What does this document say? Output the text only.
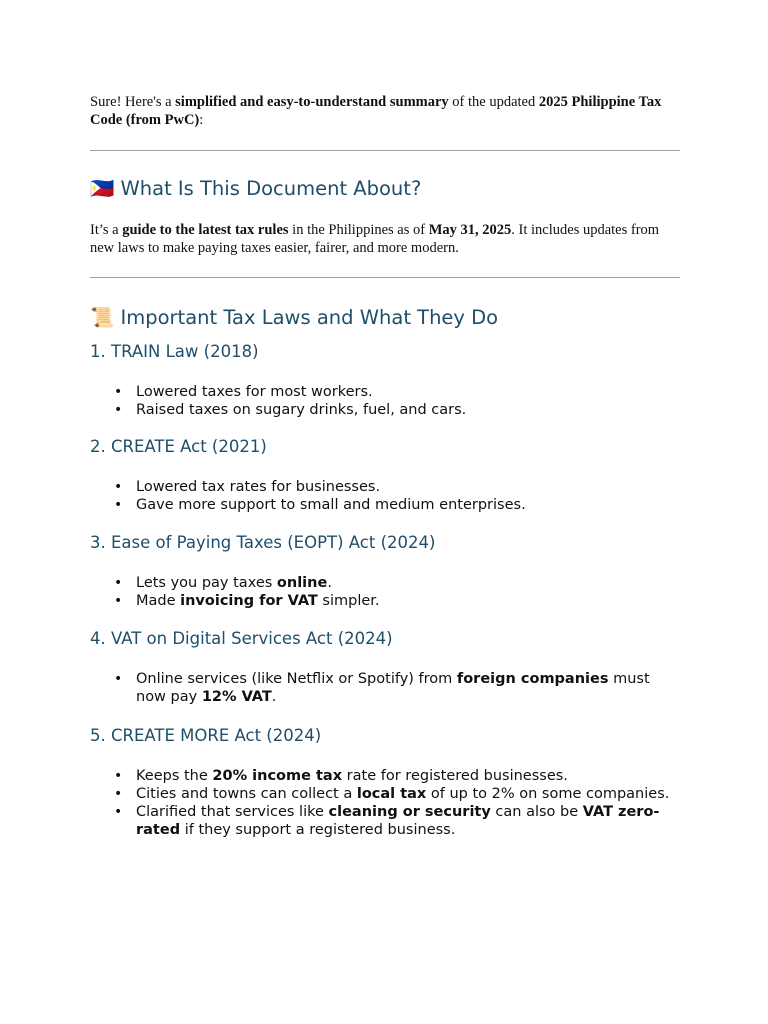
Sure! Here's a simplified and easy-to-understand summary of the updated 2025 Philippine Tax Code (from PwC):

🇵🇭 What Is This Document About?

It’s a guide to the latest tax rules in the Philippines as of May 31, 2025. It includes updates from new laws to make paying taxes easier, fairer, and more modern.

📜 Important Tax Laws and What They Do
1. TRAIN Law (2018)
• Lowered taxes for most workers.
• Raised taxes on sugary drinks, fuel, and cars.
2. CREATE Act (2021)
• Lowered tax rates for businesses.
• Gave more support to small and medium enterprises.
3. Ease of Paying Taxes (EOPT) Act (2024)
• Lets you pay taxes online.
• Made invoicing for VAT simpler.
4. VAT on Digital Services Act (2024)
• Online services (like Netflix or Spotify) from foreign companies must now pay 12% VAT.
5. CREATE MORE Act (2024)
• Keeps the 20% income tax rate for registered businesses.
• Cities and towns can collect a local tax of up to 2% on some companies.
• Clarified that services like cleaning or security can also be VAT zero-rated if they support a registered business.
